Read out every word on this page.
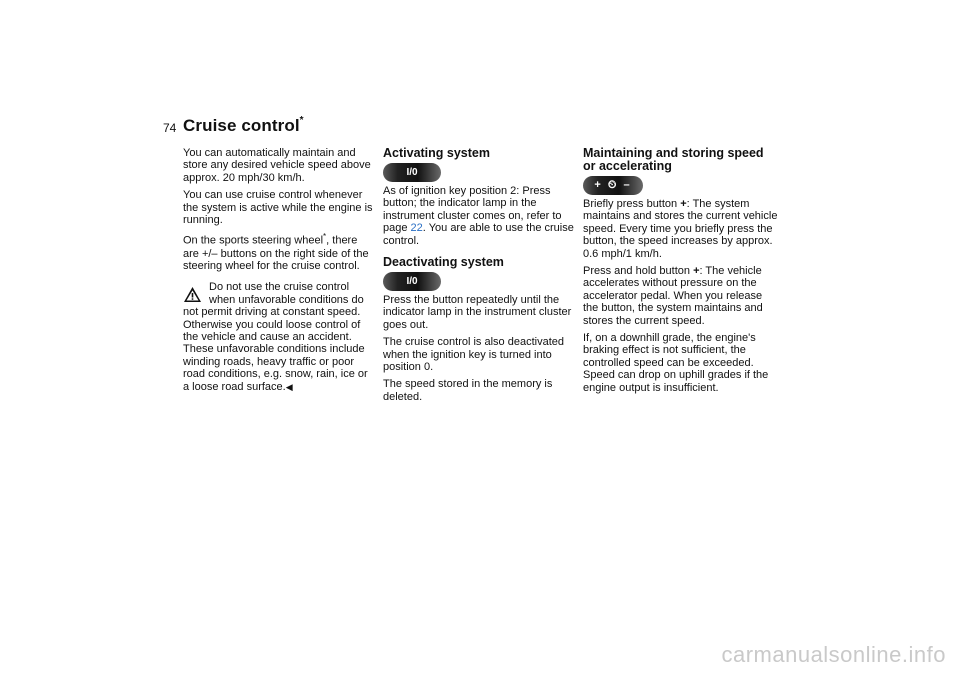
74 Cruise control*

You can automatically maintain and store any desired vehicle speed above approx. 20 mph/30 km/h.

You can use cruise control whenever the system is active while the engine is running.

On the sports steering wheel*, there are +/– buttons on the right side of the steering wheel for the cruise control.

Do not use the cruise control when unfavorable conditions do
not permit driving at constant speed. Otherwise you could loose control of the vehicle and cause an accident. These unfavorable conditions include winding roads, heavy traffic or poor road conditions, e.g. snow, rain, ice or a loose road surface.◀
Activating system
I/0

As of ignition key position 2: Press button; the indicator lamp in the instrument cluster comes on, refer to page 22. You are able to use the cruise control.

Deactivating system
I/0

Press the button repeatedly until the indicator lamp in the instrument cluster goes out.

The cruise control is also deactivated when the ignition key is turned into position 0.

The speed stored in the memory is deleted.

Maintaining and storing speed
or accelerating
+ ⏲ –

Briefly press button +: The system maintains and stores the current vehicle speed. Every time you briefly press the button, the speed increases by approx. 0.6 mph/1 km/h.

Press and hold button +: The vehicle accelerates without pressure on the accelerator pedal. When you release the button, the system maintains and stores the current speed.

If, on a downhill grade, the engine's braking effect is not sufficient, the controlled speed can be exceeded. Speed can drop on uphill grades if the engine output is insufficient.

carmanualsonline.info
